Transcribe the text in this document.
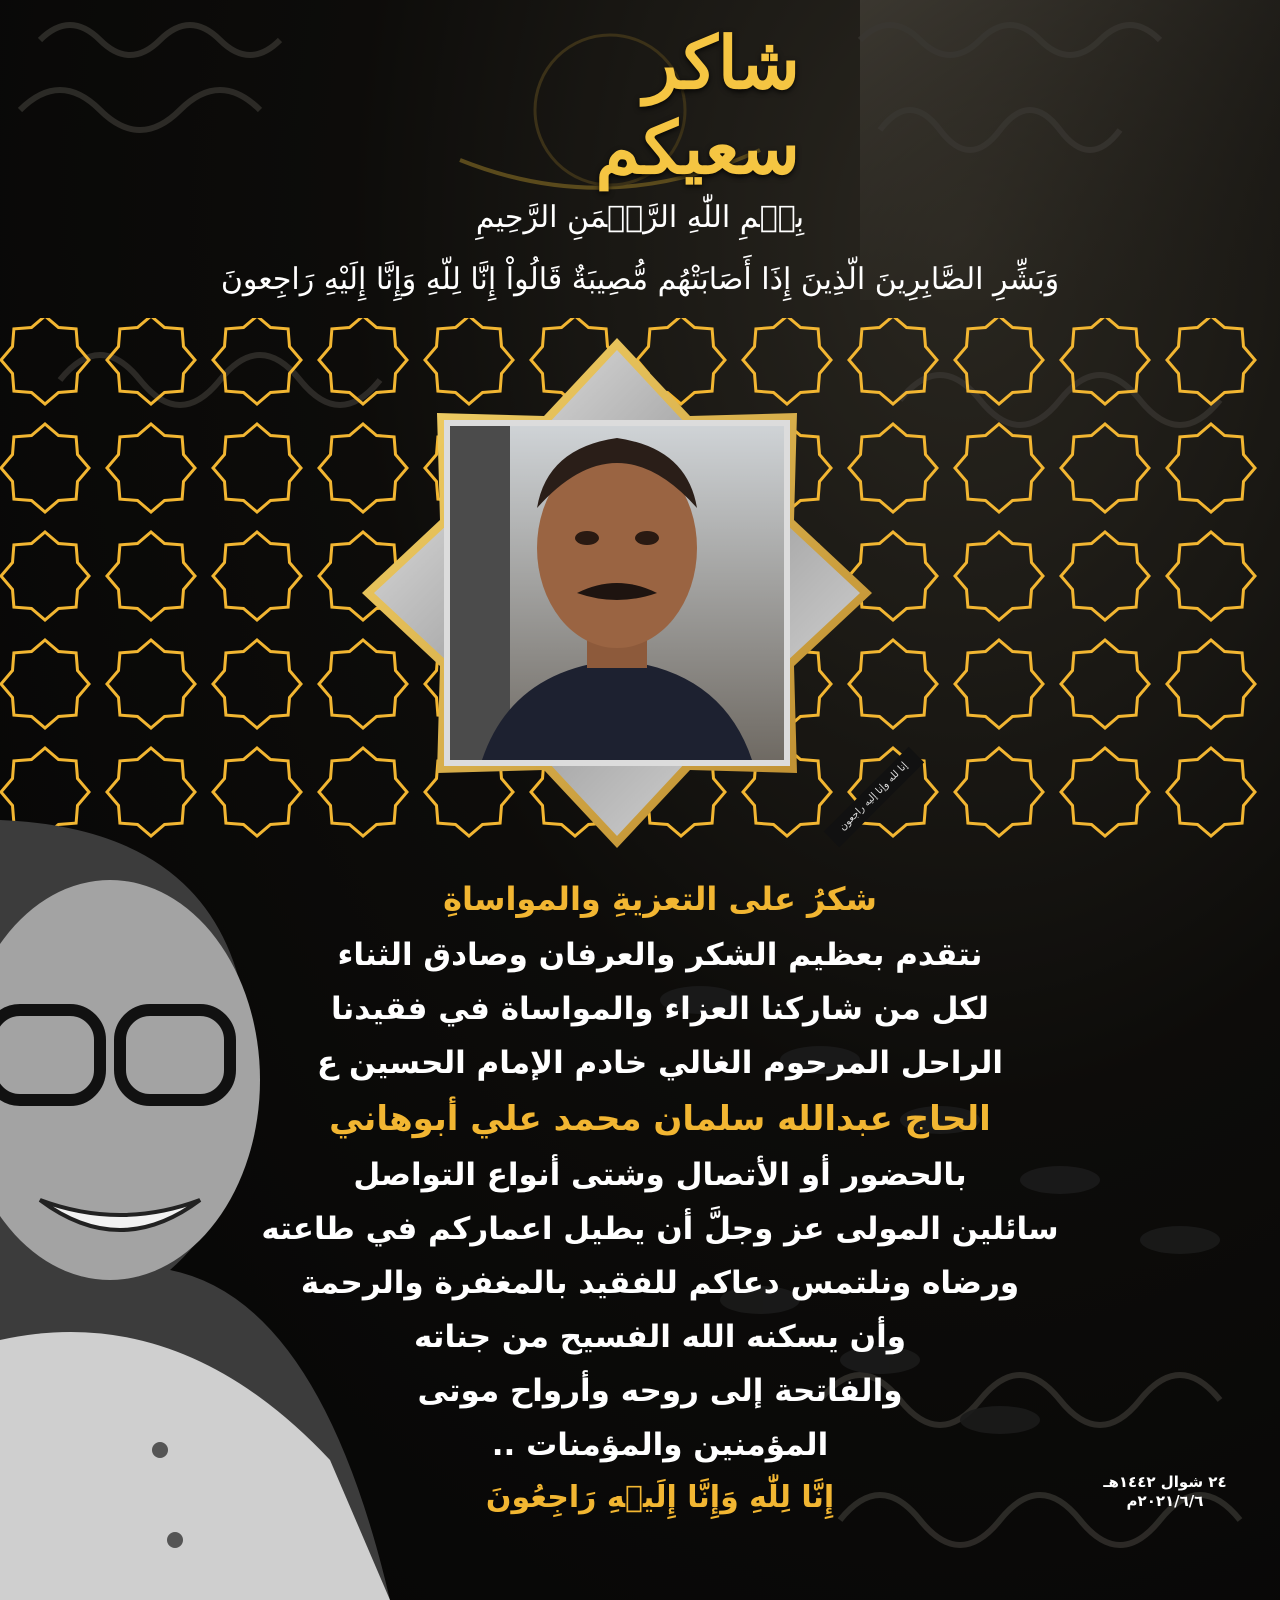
شاكر سعيكم
بِسۡمِ اللّٰهِ الرَّحۡمَنِ الرَّحِيمِ
وَبَشِّرِ الصَّابِرِينَ الّذِينَ إِذَا أَصَابَتْهُم مُّصِيبَةٌ قَالُواْ إِنَّا لِلّهِ وَإِنَّا إِلَيْهِ رَاجِعونَ
إنا لله وإنا إليه راجعون

شكرُ على التعزيةِ والمواساةِ

نتقدم بعظيم الشكر والعرفان وصادق الثناء

لكل من شاركنا العزاء والمواساة في فقيدنا

الراحل المرحوم الغالي خادم الإمام الحسين ع

الحاج عبدالله سلمان محمد علي أبوهاني

بالحضور أو الأتصال وشتى أنواع التواصل

سائلين المولى عز وجلَّ أن يطيل اعماركم في طاعته

ورضاه ونلتمس دعاكم للفقيد بالمغفرة والرحمة

وأن يسكنه الله الفسيح من جناته

والفاتحة إلى روحه وأرواح موتى

المؤمنين والمؤمنات ..

إِنَّا لِلّٰهِ وَإِنَّا إِلَيۡهِ رَاجِعُونَ	٢٤ شوال ١٤٤٢هـ
٢٠٢١/٦/٦م
